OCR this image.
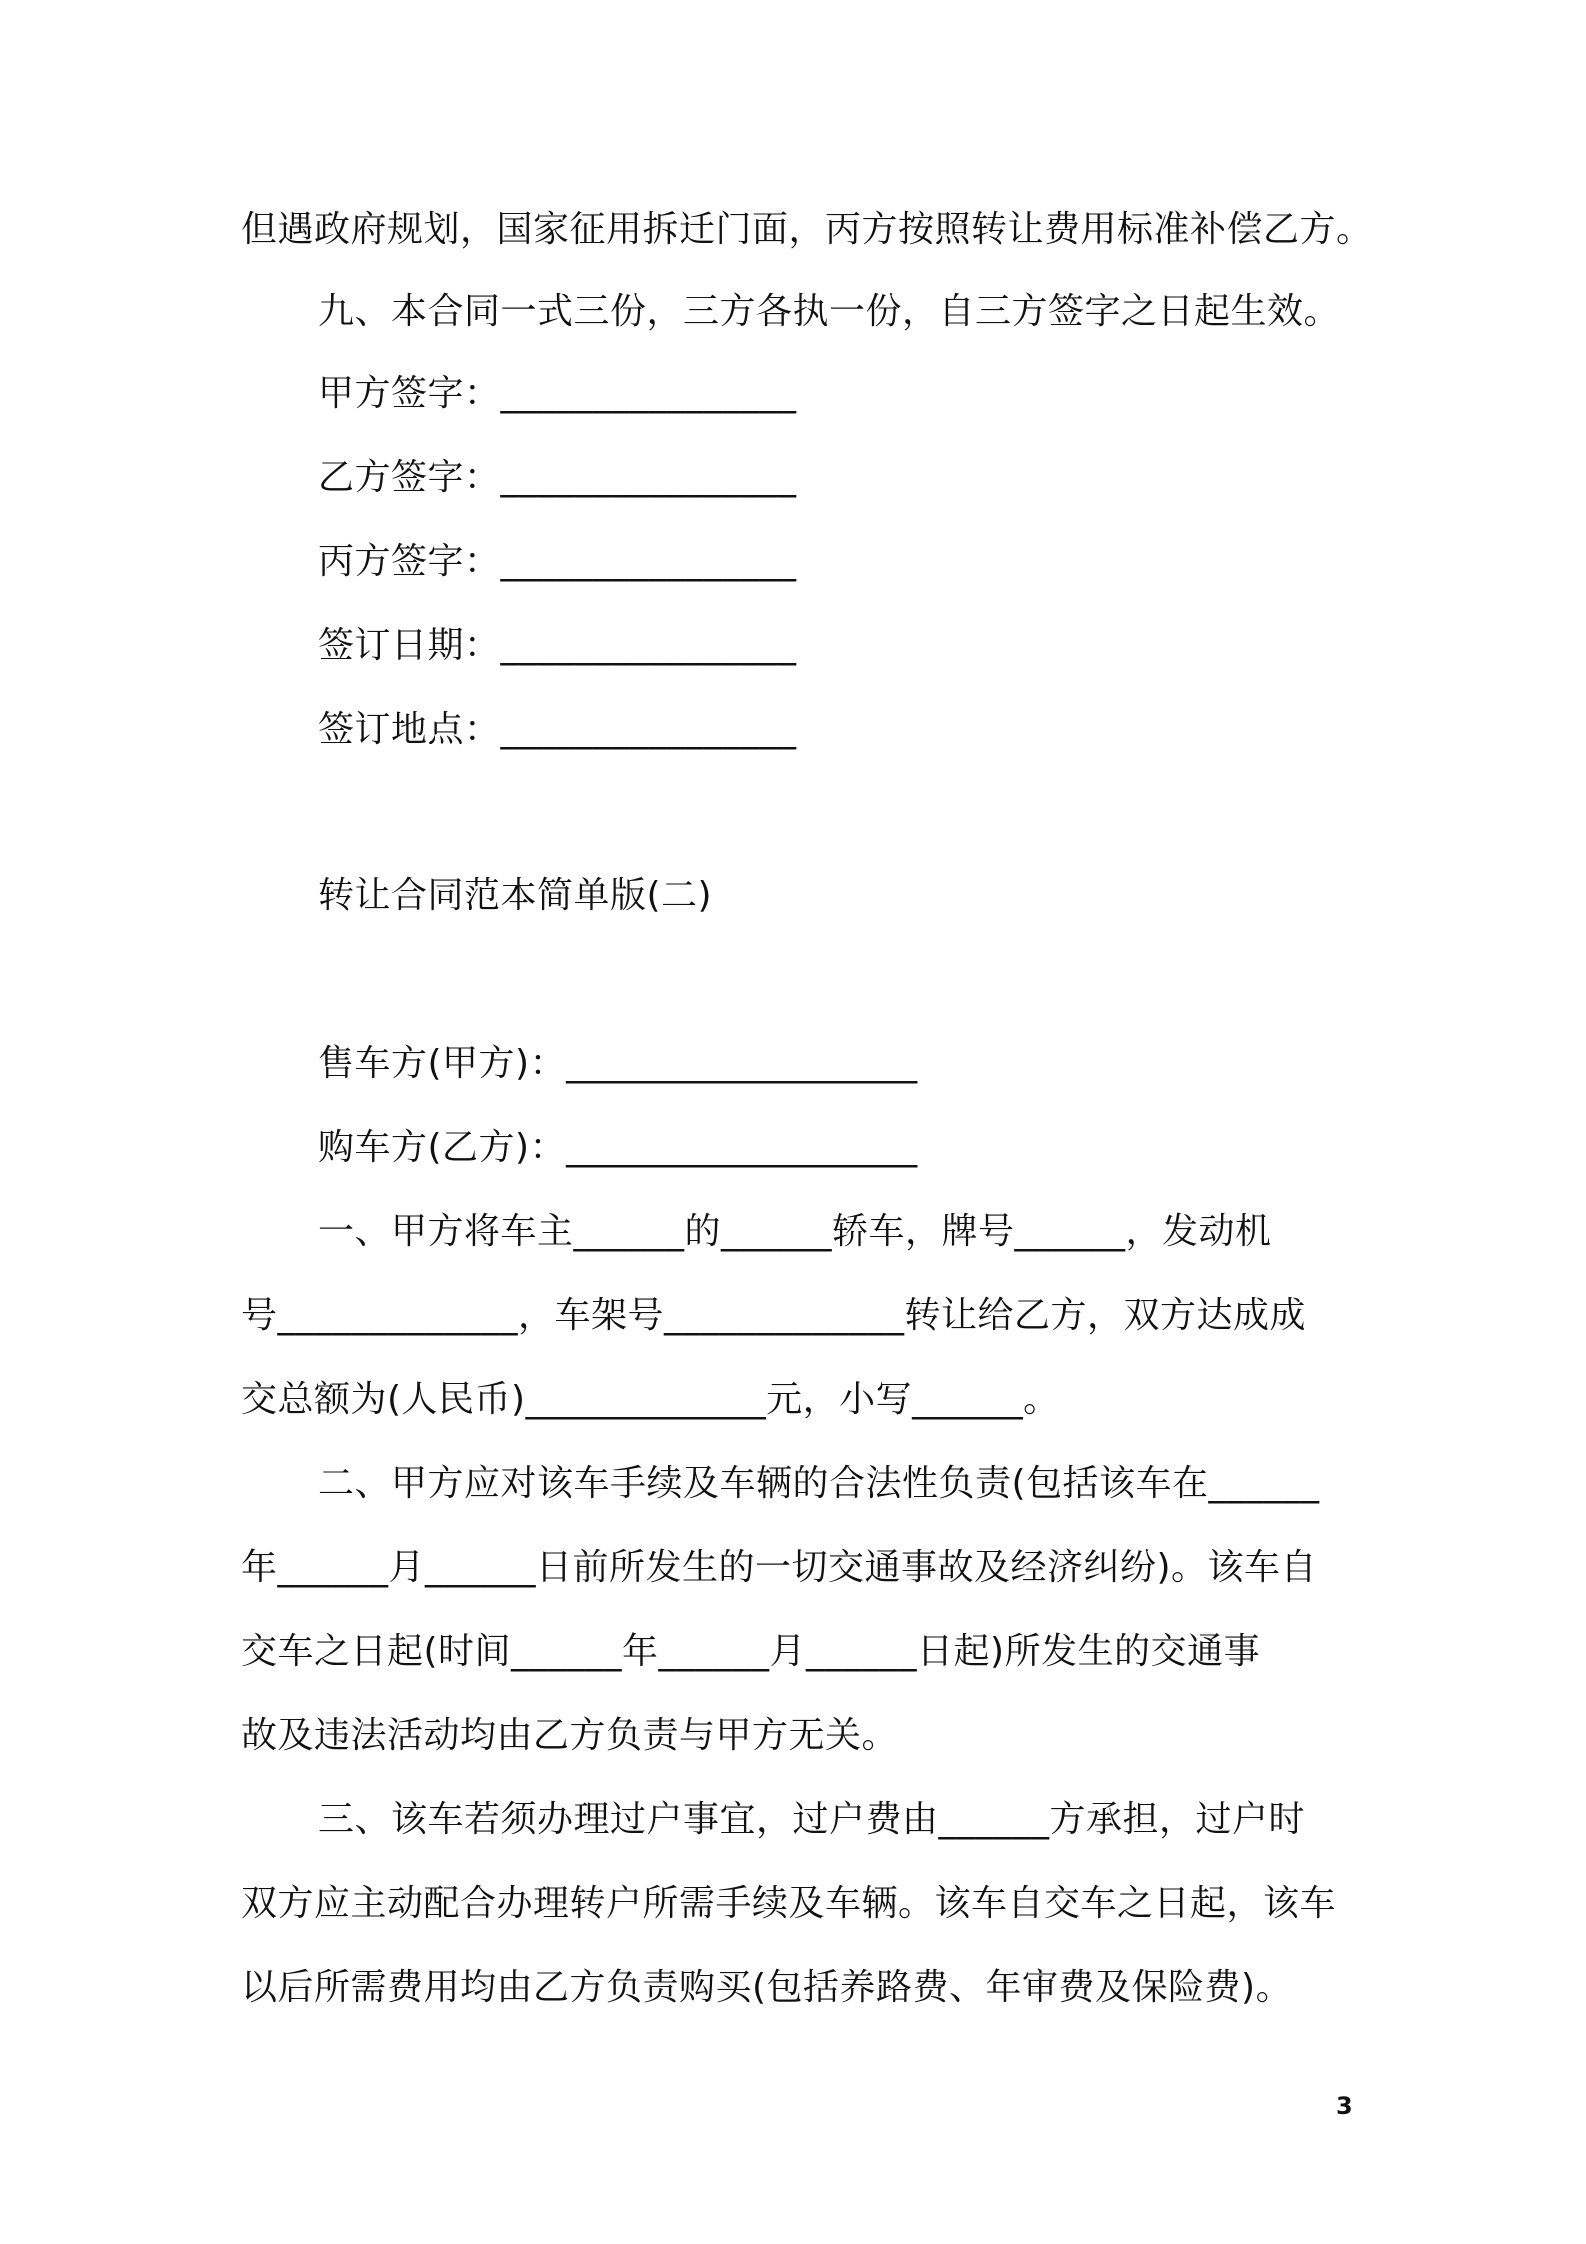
但遇政府规划，国家征用拆迁门面，丙方按照转让费用标准补偿乙方。
九、本合同一式三份，三方各执一份，自三方签字之日起生效。
甲方签字：________________
乙方签字：________________
丙方签字：________________
签订日期：________________
签订地点：________________
转让合同范本简单版(二)
售车方(甲方)：___________________
购车方(乙方)：___________________
一、甲方将车主______的______轿车，牌号______，发动机
号_____________，车架号_____________转让给乙方，双方达成成
交总额为(人民币)_____________元，小写______。
二、甲方应对该车手续及车辆的合法性负责(包括该车在______
年______月______日前所发生的一切交通事故及经济纠纷)。该车自
交车之日起(时间______年______月______日起)所发生的交通事
故及违法活动均由乙方负责与甲方无关。
三、该车若须办理过户事宜，过户费由______方承担，过户时
双方应主动配合办理转户所需手续及车辆。该车自交车之日起，该车
以后所需费用均由乙方负责购买(包括养路费、年审费及保险费)。
3
